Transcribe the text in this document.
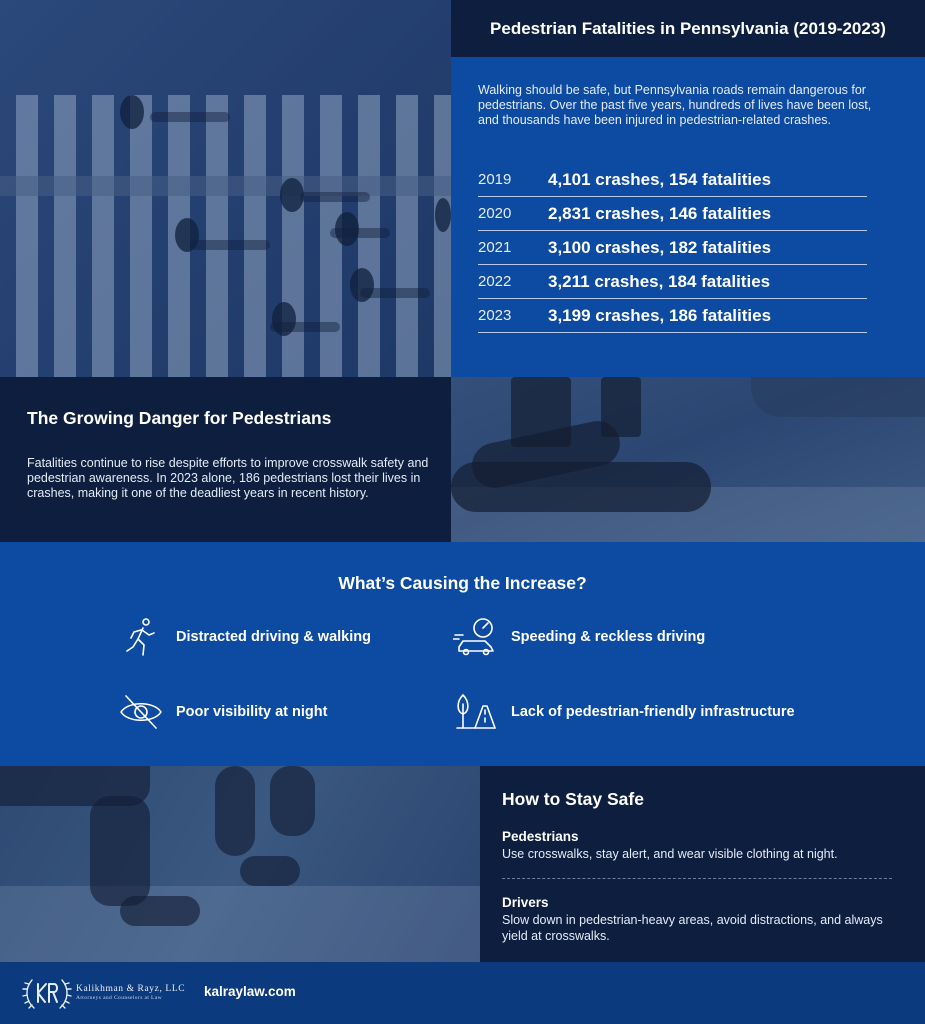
Pedestrian Fatalities in Pennsylvania (2019-2023)

Walking should be safe, but Pennsylvania roads remain dangerous for pedestrians. Over the past five years, hundreds of lives have been lost, and thousands have been injured in pedestrian-related crashes.

2019	4,101 crashes, 154 fatalities
2020	2,831 crashes, 146 fatalities
2021	3,100 crashes, 182 fatalities
2022	3,211 crashes, 184 fatalities
2023	3,199 crashes, 186 fatalities
The Growing Danger for Pedestrians

Fatalities continue to rise despite efforts to improve crosswalk safety and pedestrian awareness. In 2023 alone, 186 pedestrians lost their lives in crashes, making it one of the deadliest years in recent history.

What’s Causing the Increase?
Distracted driving & walking	Speeding & reckless driving
Poor visibility at night	Lack of pedestrian-friendly infrastructure
How to Stay Safe
Pedestrians

Use crosswalks, stay alert, and wear visible clothing at night.

Drivers

Slow down in pedestrian-heavy areas, avoid distractions, and always yield at crosswalks.

Kalikhman & Rayz, LLC
Attorneys and Counselors at Law	kalraylaw.com
